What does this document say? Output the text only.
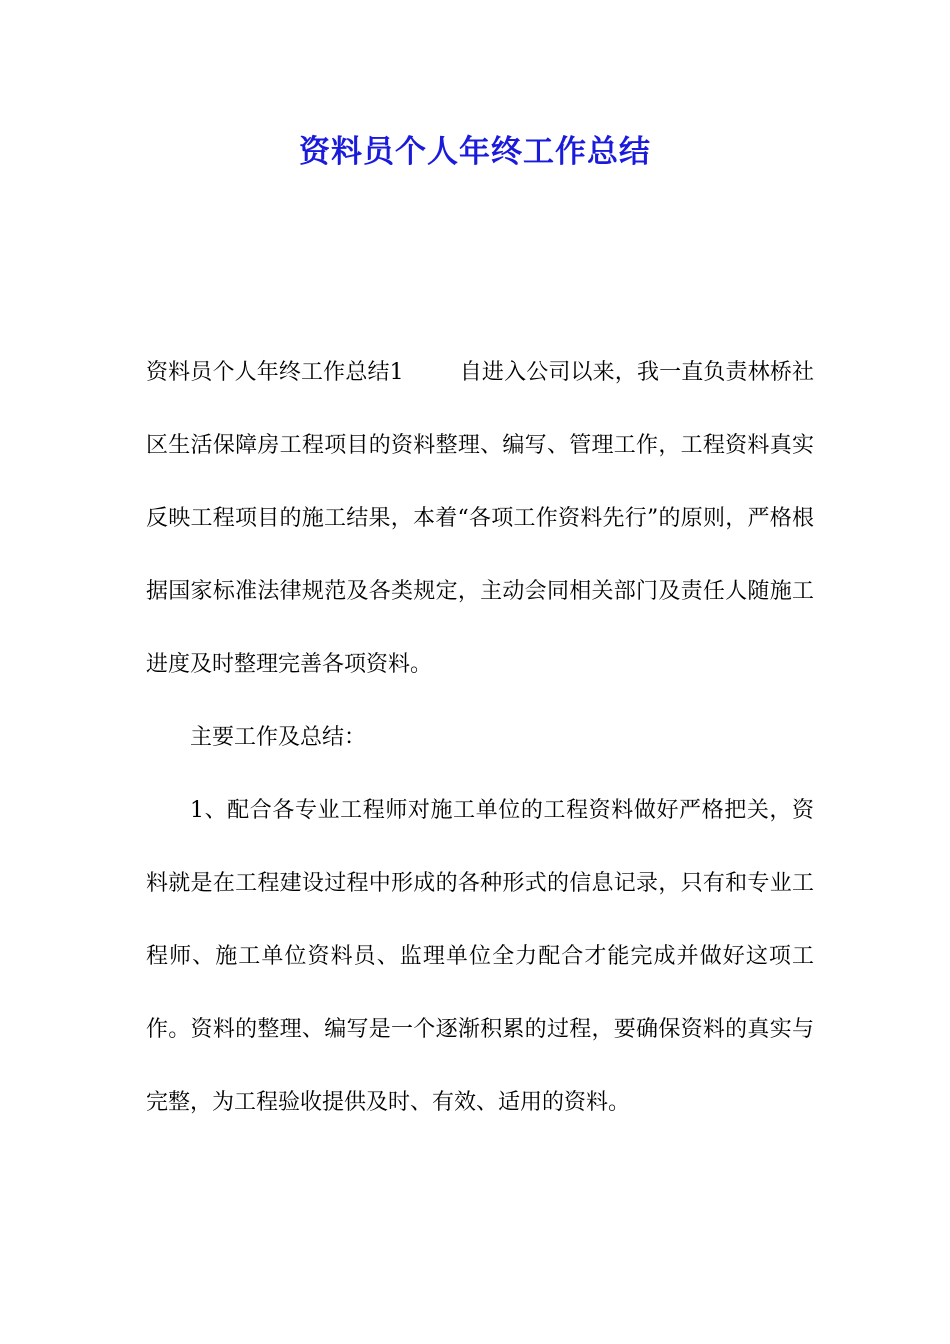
资料员个人年终工作总结

资料员个人年终工作总结1	自进入公司以来，我一直负责林桥社区生活保障房工程项目的资料整理、编写、管理工作，工程资料真实反映工程项目的施工结果，本着“各项工作资料先行”的原则，严格根据国家标准法律规范及各类规定，主动会同相关部门及责任人随施工进度及时整理完善各项资料。

主要工作及总结：

1、配合各专业工程师对施工单位的工程资料做好严格把关，资料就是在工程建设过程中形成的各种形式的信息记录，只有和专业工程师、施工单位资料员、监理单位全力配合才能完成并做好这项工作。资料的整理、编写是一个逐渐积累的过程，要确保资料的真实与完整，为工程验收提供及时、有效、适用的资料。
